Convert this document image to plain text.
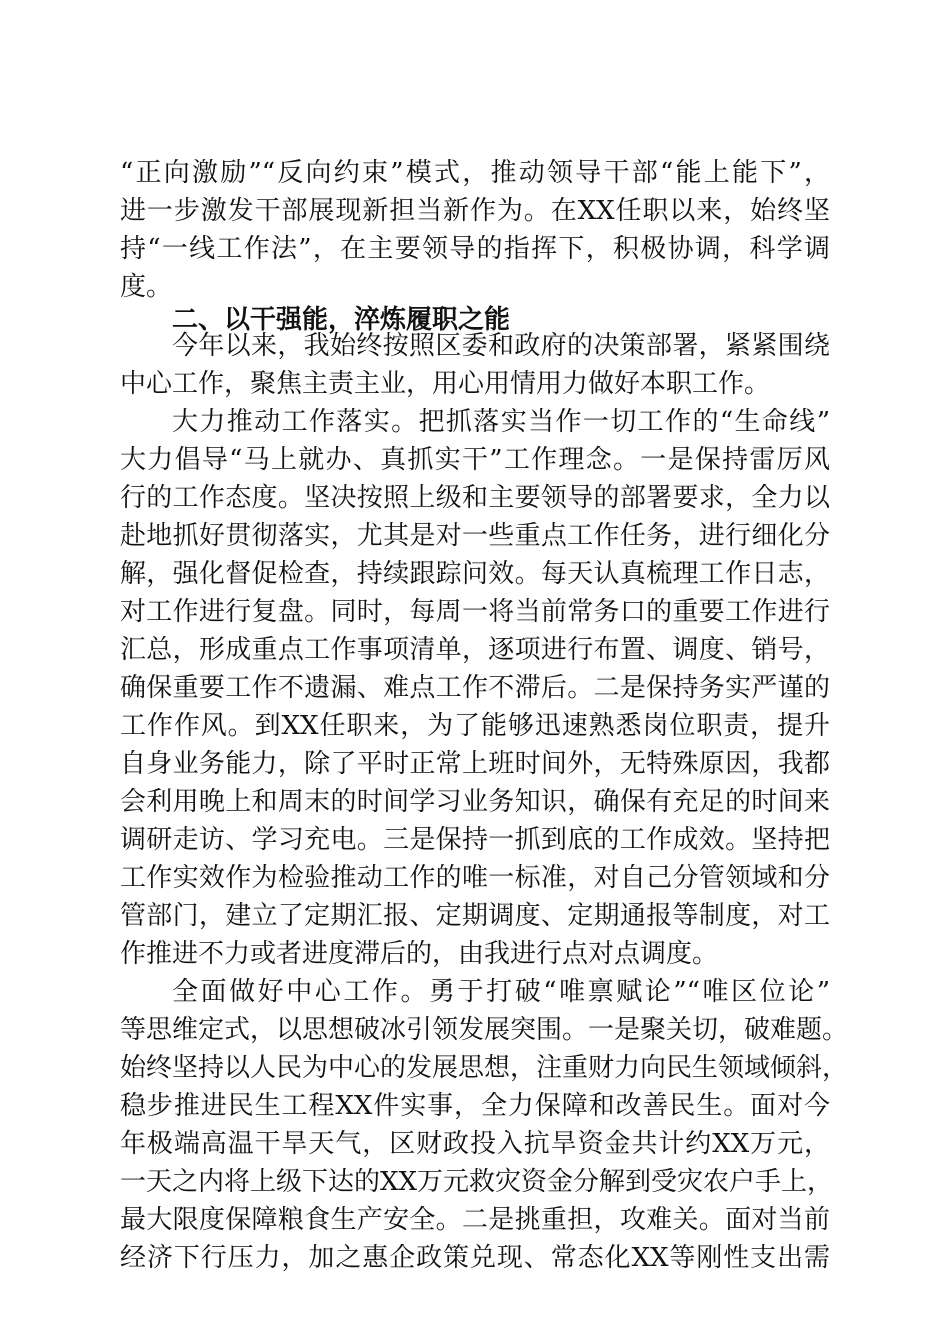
“正向激励”“反向约束”模式，推动领导干部“能上能下”，
进一步激发干部展现新担当新作为。在XX任职以来，始终坚
持“一线工作法”，在主要领导的指挥下，积极协调，科学调
度。
二、以干强能，淬炼履职之能
今年以来，我始终按照区委和政府的决策部署，紧紧围绕
中心工作，聚焦主责主业，用心用情用力做好本职工作。
大力推动工作落实。把抓落实当作一切工作的“生命线”
大力倡导“马上就办、真抓实干”工作理念。一是保持雷厉风
行的工作态度。坚决按照上级和主要领导的部署要求，全力以
赴地抓好贯彻落实，尤其是对一些重点工作任务，进行细化分
解，强化督促检查，持续跟踪问效。每天认真梳理工作日志，
对工作进行复盘。同时，每周一将当前常务口的重要工作进行
汇总，形成重点工作事项清单，逐项进行布置、调度、销号，
确保重要工作不遗漏、难点工作不滞后。二是保持务实严谨的
工作作风。到XX任职来，为了能够迅速熟悉岗位职责，提升
自身业务能力，除了平时正常上班时间外，无特殊原因，我都
会利用晚上和周末的时间学习业务知识，确保有充足的时间来
调研走访、学习充电。三是保持一抓到底的工作成效。坚持把
工作实效作为检验推动工作的唯一标准，对自己分管领域和分
管部门，建立了定期汇报、定期调度、定期通报等制度，对工
作推进不力或者进度滞后的，由我进行点对点调度。
全面做好中心工作。勇于打破“唯禀赋论”“唯区位论”
等思维定式，以思想破冰引领发展突围。一是聚关切，破难题。
始终坚持以人民为中心的发展思想，注重财力向民生领域倾斜，
稳步推进民生工程XX件实事，全力保障和改善民生。面对今
年极端高温干旱天气，区财政投入抗旱资金共计约XX万元，
一天之内将上级下达的XX万元救灾资金分解到受灾农户手上，
最大限度保障粮食生产安全。二是挑重担，攻难关。面对当前
经济下行压力，加之惠企政策兑现、常态化XX等刚性支出需
